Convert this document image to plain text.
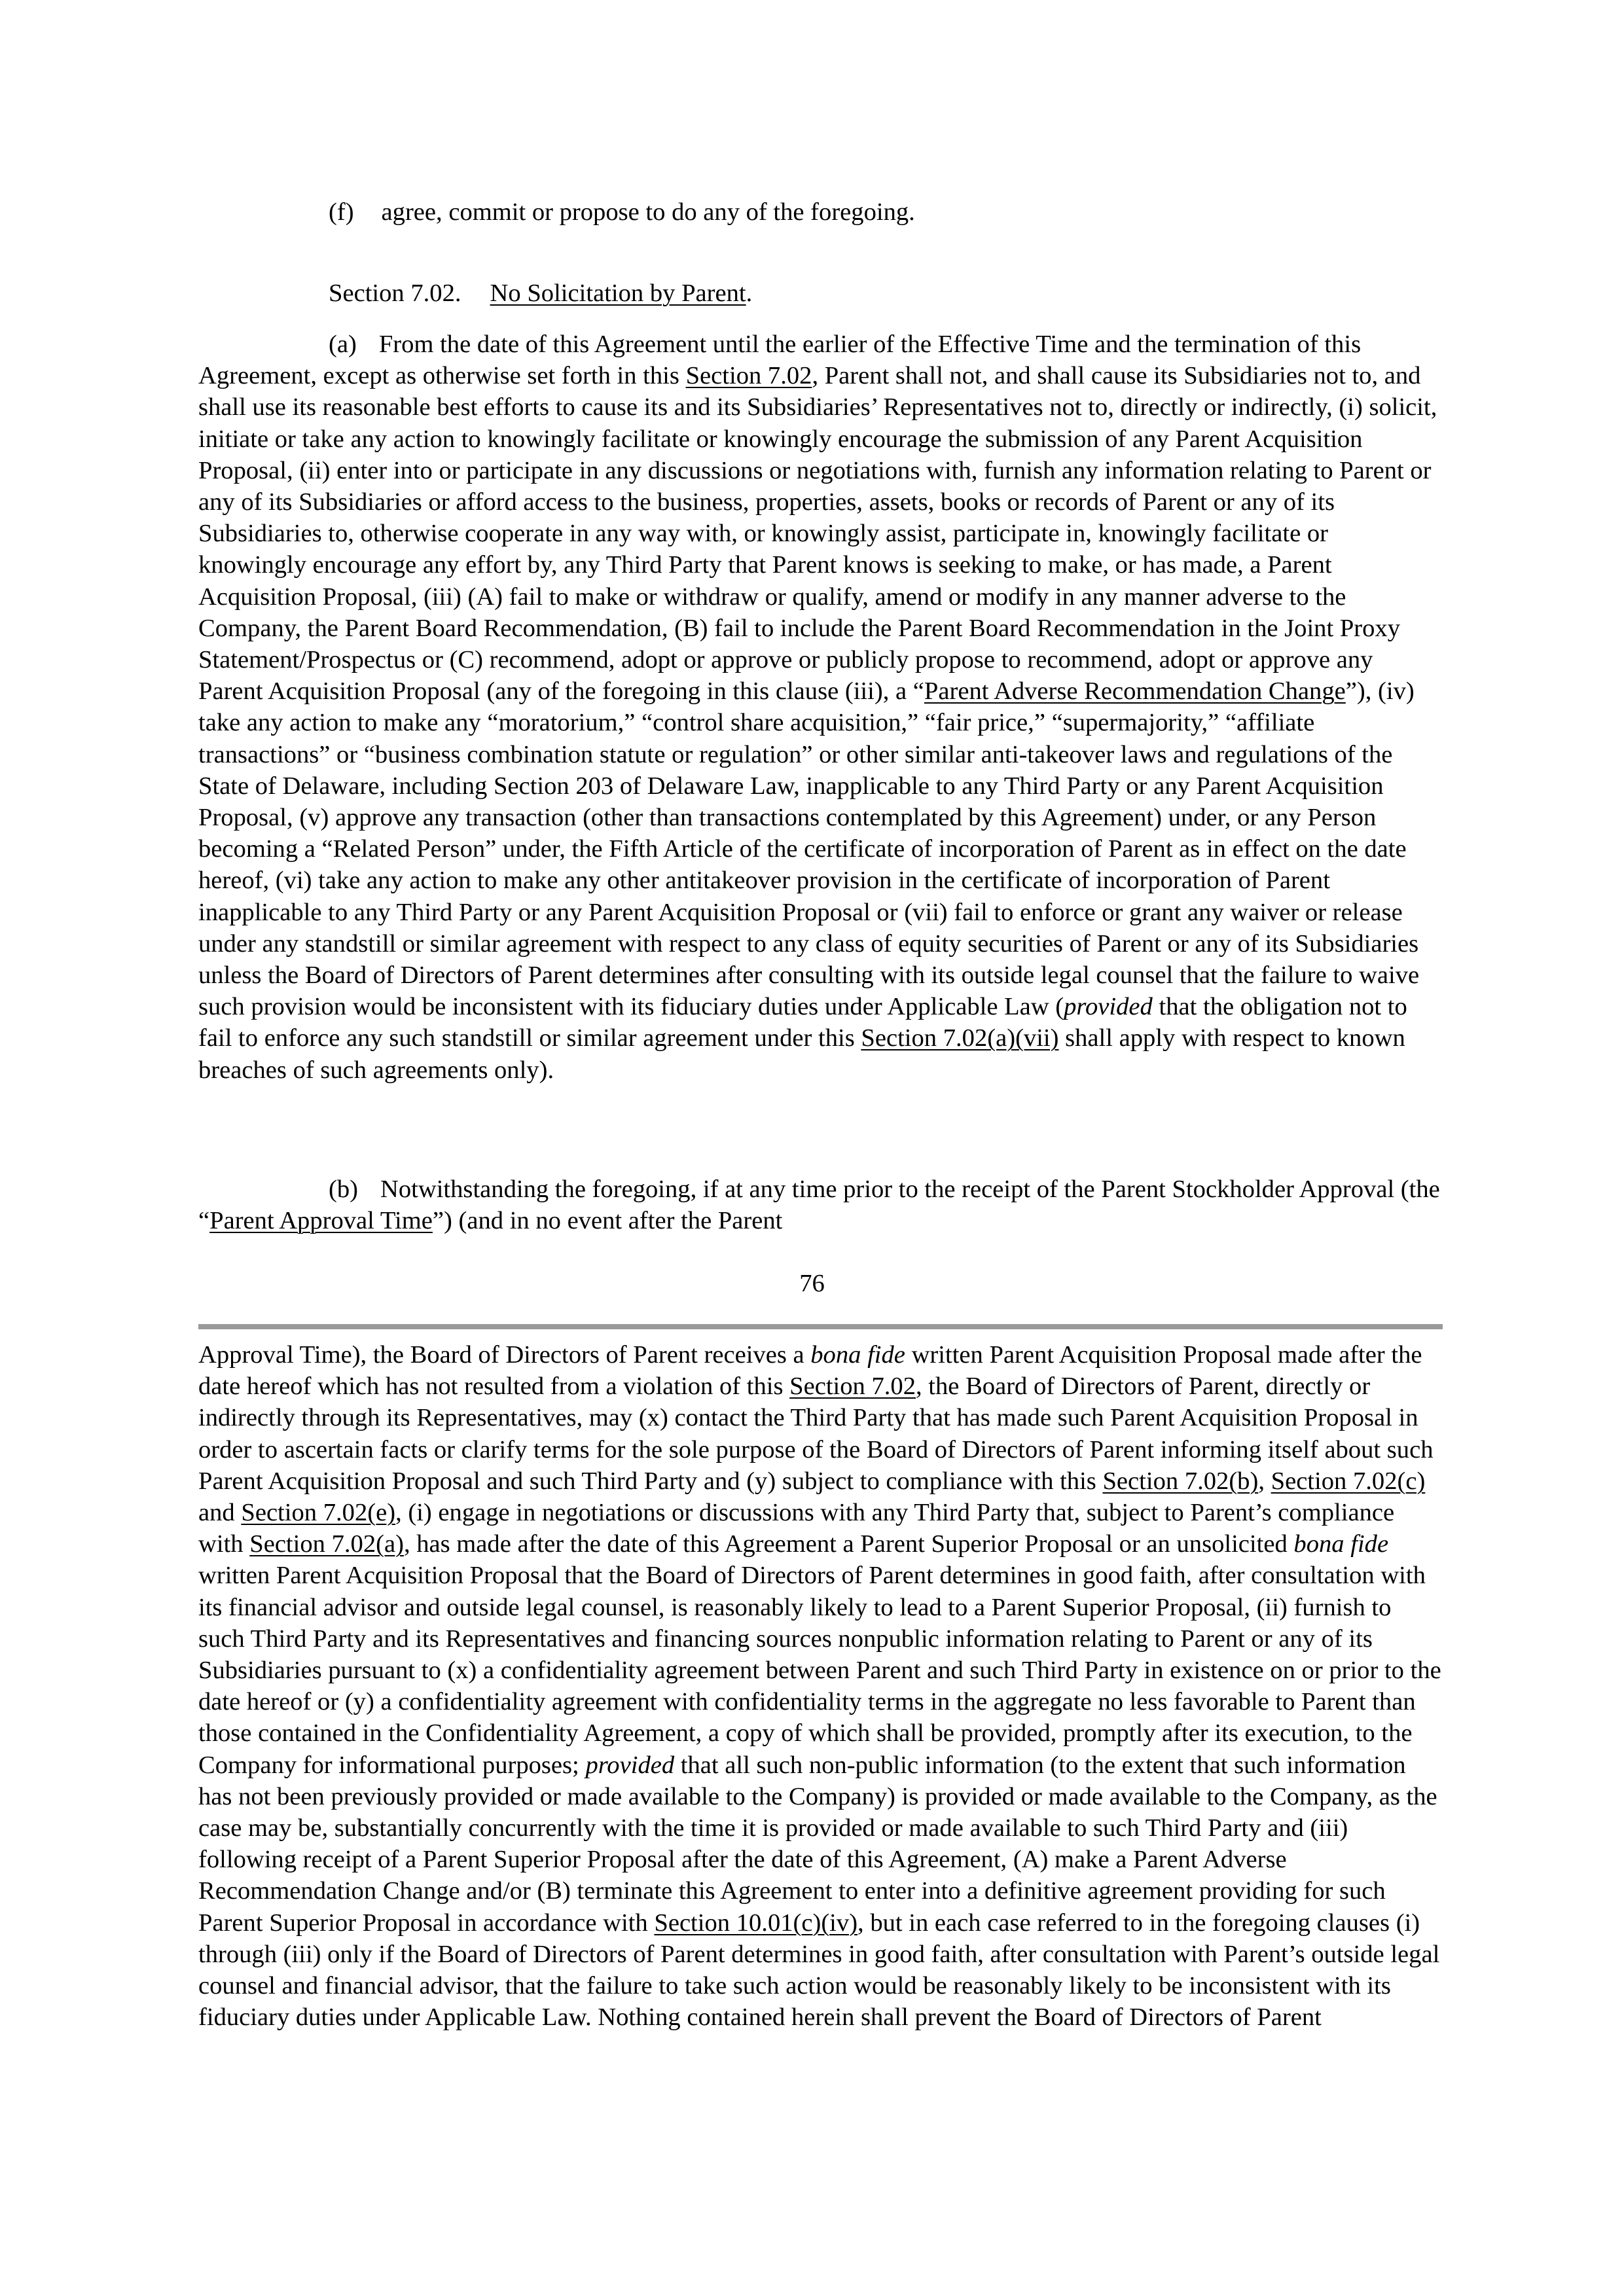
(f) agree, commit or propose to do any of the foregoing.

Section 7.02. No Solicitation by Parent.

(a) From the date of this Agreement until the earlier of the Effective Time and the termination of this Agreement, except as otherwise set forth in this Section 7.02, Parent shall not, and shall cause its Subsidiaries not to, and shall use its reasonable best efforts to cause its and its Subsidiaries’ Representatives not to, directly or indirectly, (i) solicit, initiate or take any action to knowingly facilitate or knowingly encourage the submission of any Parent Acquisition Proposal, (ii) enter into or participate in any discussions or negotiations with, furnish any information relating to Parent or any of its Subsidiaries or afford access to the business, properties, assets, books or records of Parent or any of its Subsidiaries to, otherwise cooperate in any way with, or knowingly assist, participate in, knowingly facilitate or knowingly encourage any effort by, any Third Party that Parent knows is seeking to make, or has made, a Parent Acquisition Proposal, (iii) (A) fail to make or withdraw or qualify, amend or modify in any manner adverse to the Company, the Parent Board Recommendation, (B) fail to include the Parent Board Recommendation in the Joint Proxy Statement/Prospectus or (C) recommend, adopt or approve or publicly propose to recommend, adopt or approve any Parent Acquisition Proposal (any of the foregoing in this clause (iii), a “Parent Adverse Recommendation Change”), (iv) take any action to make any “moratorium,” “control share acquisition,” “fair price,” “supermajority,” “affiliate transactions” or “business combination statute or regulation” or other similar anti-takeover laws and regulations of the State of Delaware, including Section 203 of Delaware Law, inapplicable to any Third Party or any Parent Acquisition Proposal, (v) approve any transaction (other than transactions contemplated by this Agreement) under, or any Person becoming a “Related Person” under, the Fifth Article of the certificate of incorporation of Parent as in effect on the date hereof, (vi) take any action to make any other antitakeover provision in the certificate of incorporation of Parent inapplicable to any Third Party or any Parent Acquisition Proposal or (vii) fail to enforce or grant any waiver or release under any standstill or similar agreement with respect to any class of equity securities of Parent or any of its Subsidiaries unless the Board of Directors of Parent determines after consulting with its outside legal counsel that the failure to waive such provision would be inconsistent with its fiduciary duties under Applicable Law (provided that the obligation not to fail to enforce any such standstill or similar agreement under this Section 7.02(a)(vii) shall apply with respect to known breaches of such agreements only).

(b) Notwithstanding the foregoing, if at any time prior to the receipt of the Parent Stockholder Approval (the “Parent Approval Time”) (and in no event after the Parent

76

Approval Time), the Board of Directors of Parent receives a bona fide written Parent Acquisition Proposal made after the date hereof which has not resulted from a violation of this Section 7.02, the Board of Directors of Parent, directly or indirectly through its Representatives, may (x) contact the Third Party that has made such Parent Acquisition Proposal in order to ascertain facts or clarify terms for the sole purpose of the Board of Directors of Parent informing itself about such Parent Acquisition Proposal and such Third Party and (y) subject to compliance with this Section 7.02(b), Section 7.02(c) and Section 7.02(e), (i) engage in negotiations or discussions with any Third Party that, subject to Parent’s compliance with Section 7.02(a), has made after the date of this Agreement a Parent Superior Proposal or an unsolicited bona fide written Parent Acquisition Proposal that the Board of Directors of Parent determines in good faith, after consultation with its financial advisor and outside legal counsel, is reasonably likely to lead to a Parent Superior Proposal, (ii) furnish to such Third Party and its Representatives and financing sources nonpublic information relating to Parent or any of its Subsidiaries pursuant to (x) a confidentiality agreement between Parent and such Third Party in existence on or prior to the date hereof or (y) a confidentiality agreement with confidentiality terms in the aggregate no less favorable to Parent than those contained in the Confidentiality Agreement, a copy of which shall be provided, promptly after its execution, to the Company for informational purposes; provided that all such non-public information (to the extent that such information has not been previously provided or made available to the Company) is provided or made available to the Company, as the case may be, substantially concurrently with the time it is provided or made available to such Third Party and (iii) following receipt of a Parent Superior Proposal after the date of this Agreement, (A) make a Parent Adverse Recommendation Change and/or (B) terminate this Agreement to enter into a definitive agreement providing for such Parent Superior Proposal in accordance with Section 10.01(c)(iv), but in each case referred to in the foregoing clauses (i) through (iii) only if the Board of Directors of Parent determines in good faith, after consultation with Parent’s outside legal counsel and financial advisor, that the failure to take such action would be reasonably likely to be inconsistent with its fiduciary duties under Applicable Law. Nothing contained herein shall prevent the Board of Directors of Parent
